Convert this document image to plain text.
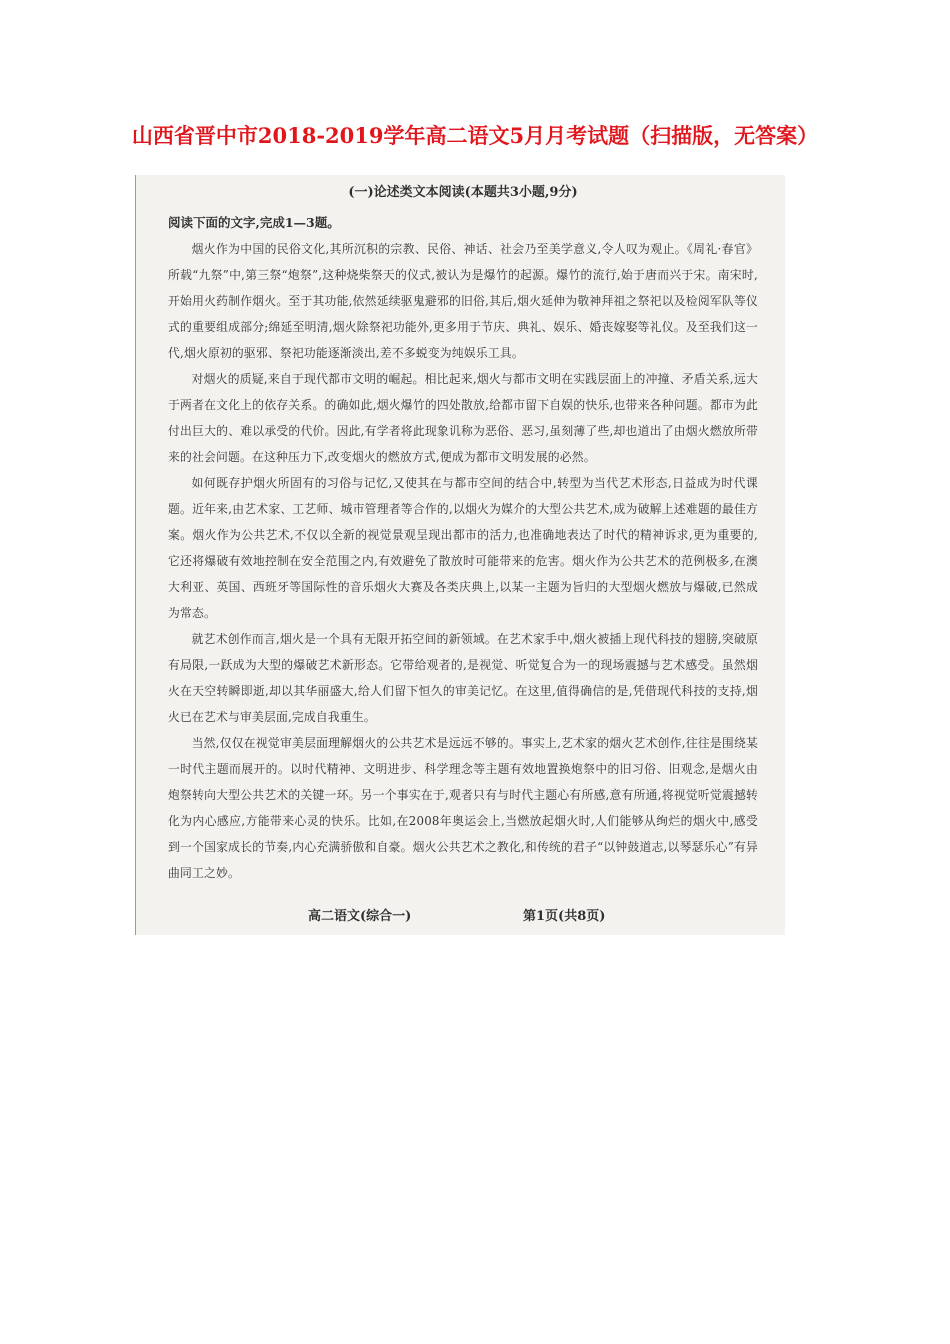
山西省晋中市2018-2019学年高二语文5月月考试题（扫描版，无答案）
(一)论述类文本阅读(本题共3小题,9分)

阅读下面的文字,完成1—3题。

烟火作为中国的民俗文化,其所沉积的宗教、民俗、神话、社会乃至美学意义,令人叹为观止。《周礼·春官》所载“九祭”中,第三祭“炮祭”,这种烧柴祭天的仪式,被认为是爆竹的起源。爆竹的流行,始于唐而兴于宋。南宋时,开始用火药制作烟火。至于其功能,依然延续驱鬼避邪的旧俗,其后,烟火延伸为敬神拜祖之祭祀以及检阅军队等仪式的重要组成部分;绵延至明清,烟火除祭祀功能外,更多用于节庆、典礼、娱乐、婚丧嫁娶等礼仪。及至我们这一代,烟火原初的驱邪、祭祀功能逐渐淡出,差不多蜕变为纯娱乐工具。

对烟火的质疑,来自于现代都市文明的崛起。相比起来,烟火与都市文明在实践层面上的冲撞、矛盾关系,远大于两者在文化上的依存关系。的确如此,烟火爆竹的四处散放,给都市留下自娱的快乐,也带来各种问题。都市为此付出巨大的、难以承受的代价。因此,有学者将此现象讥称为恶俗、恶习,虽刻薄了些,却也道出了由烟火燃放所带来的社会问题。在这种压力下,改变烟火的燃放方式,便成为都市文明发展的必然。

如何既存护烟火所固有的习俗与记忆,又使其在与都市空间的结合中,转型为当代艺术形态,日益成为时代课题。近年来,由艺术家、工艺师、城市管理者等合作的,以烟火为媒介的大型公共艺术,成为破解上述难题的最佳方案。烟火作为公共艺术,不仅以全新的视觉景观呈现出都市的活力,也准确地表达了时代的精神诉求,更为重要的,它还将爆破有效地控制在安全范围之内,有效避免了散放时可能带来的危害。烟火作为公共艺术的范例极多,在澳大利亚、英国、西班牙等国际性的音乐烟火大赛及各类庆典上,以某一主题为旨归的大型烟火燃放与爆破,已然成为常态。

就艺术创作而言,烟火是一个具有无限开拓空间的新领域。在艺术家手中,烟火被插上现代科技的翅膀,突破原有局限,一跃成为大型的爆破艺术新形态。它带给观者的,是视觉、听觉复合为一的现场震撼与艺术感受。虽然烟火在天空转瞬即逝,却以其华丽盛大,给人们留下恒久的审美记忆。在这里,值得确信的是,凭借现代科技的支持,烟火已在艺术与审美层面,完成自我重生。

当然,仅仅在视觉审美层面理解烟火的公共艺术是远远不够的。事实上,艺术家的烟火艺术创作,往往是围绕某一时代主题而展开的。以时代精神、文明进步、科学理念等主题有效地置换炮祭中的旧习俗、旧观念,是烟火由炮祭转向大型公共艺术的关键一环。另一个事实在于,观者只有与时代主题心有所感,意有所通,将视觉听觉震撼转化为内心感应,方能带来心灵的快乐。比如,在2008年奥运会上,当燃放起烟火时,人们能够从绚烂的烟火中,感受到一个国家成长的节奏,内心充满骄傲和自豪。烟火公共艺术之教化,和传统的君子“以钟鼓道志,以琴瑟乐心”有异曲同工之妙。

高二语文(综合一)	第1页(共8页)
